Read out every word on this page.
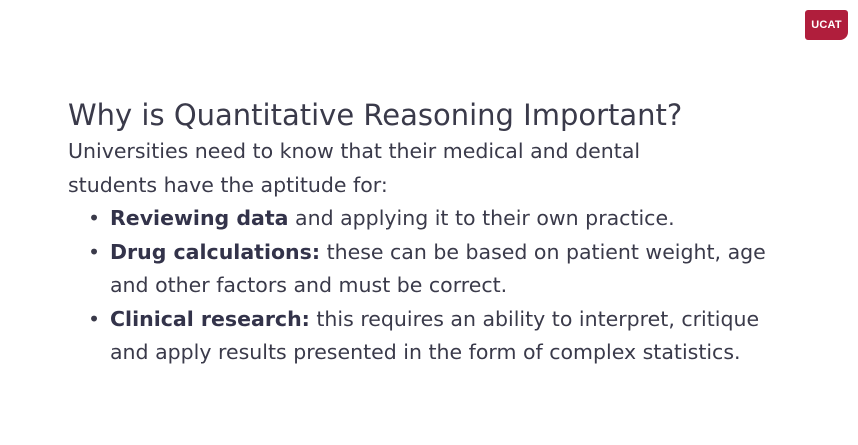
UCAT
Why is Quantitative Reasoning Important?

Universities need to know that their medical and dental students have the aptitude for:

• Reviewing data and applying it to their own practice.
• Drug calculations: these can be based on patient weight, age and other factors and must be correct.
• Clinical research: this requires an ability to interpret, critique and apply results presented in the form of complex statistics.
